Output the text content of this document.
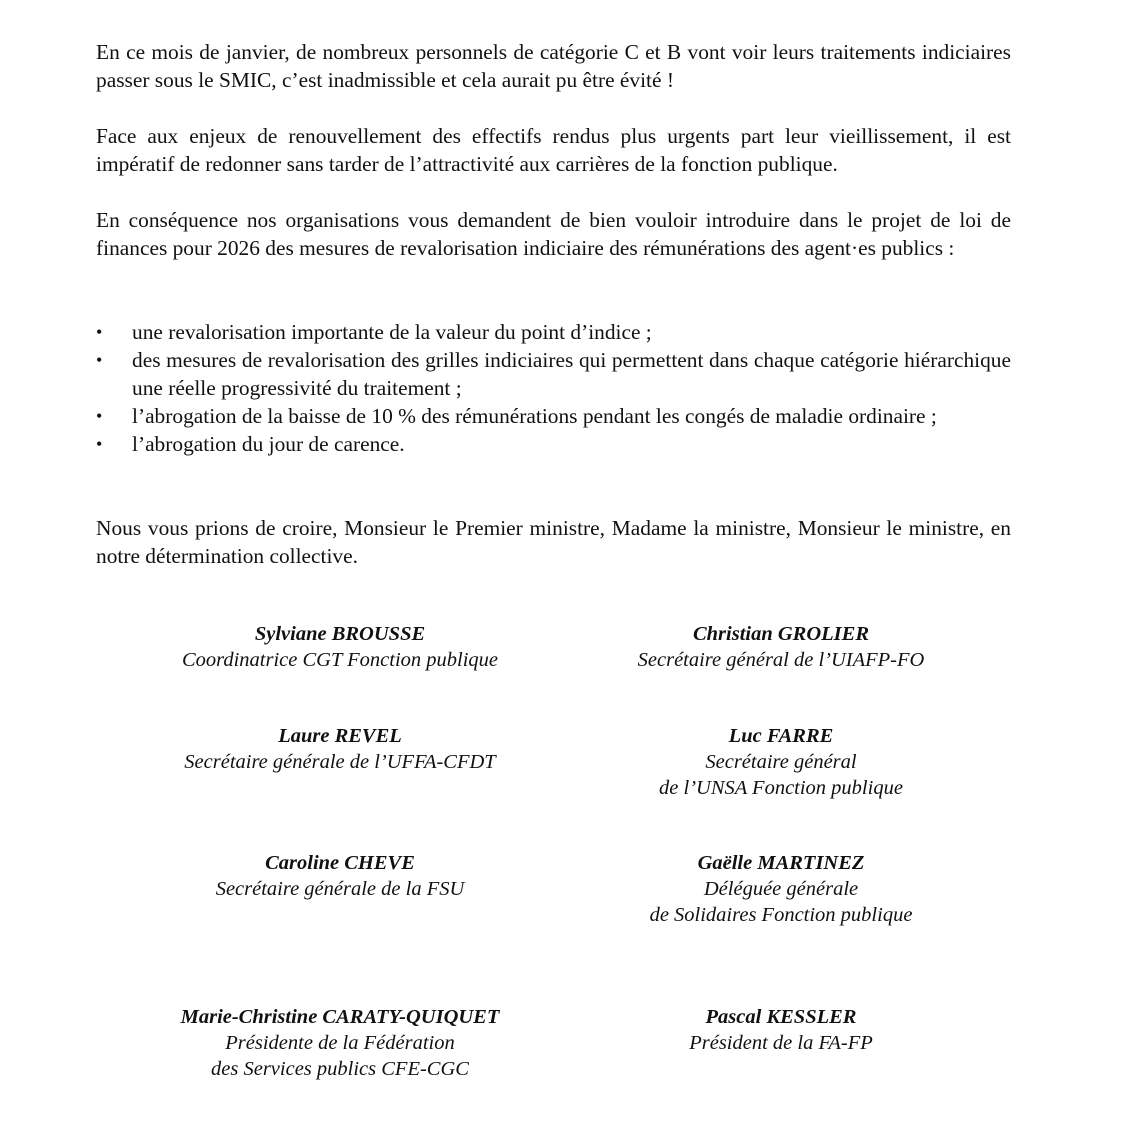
En ce mois de janvier, de nombreux personnels de catégorie C et B vont voir leurs traitements indiciaires passer sous le SMIC, c’est inadmissible et cela aurait pu être évité !

Face aux enjeux de renouvellement des effectifs rendus plus urgents part leur vieillissement, il est impératif de redonner sans tarder de l’attractivité aux carrières de la fonction publique.

En conséquence nos organisations vous demandent de bien vouloir introduire dans le projet de loi de finances pour 2026 des mesures de revalorisation indiciaire des rémunérations des agent·es publics :

• une revalorisation importante de la valeur du point d’indice ;
• des mesures de revalorisation des grilles indiciaires qui permettent dans chaque catégorie hiérarchique une réelle progressivité du traitement ;
• l’abrogation de la baisse de 10 % des rémunérations pendant les congés de maladie ordinaire ;
• l’abrogation du jour de carence.

Nous vous prions de croire, Monsieur le Premier ministre, Madame la ministre, Monsieur le ministre, en notre détermination collective.

Sylviane BROUSSE
Coordinatrice CGT Fonction publique
Christian GROLIER
Secrétaire général de l’UIAFP-FO
Laure REVEL
Secrétaire générale de l’UFFA-CFDT
Luc FARRE
Secrétaire général
de l’UNSA Fonction publique
Caroline CHEVE
Secrétaire générale de la FSU
Gaëlle MARTINEZ
Déléguée générale
de Solidaires Fonction publique
Marie-Christine CARATY-QUIQUET
Présidente de la Fédération
des Services publics CFE-CGC
Pascal KESSLER
Président de la FA-FP
